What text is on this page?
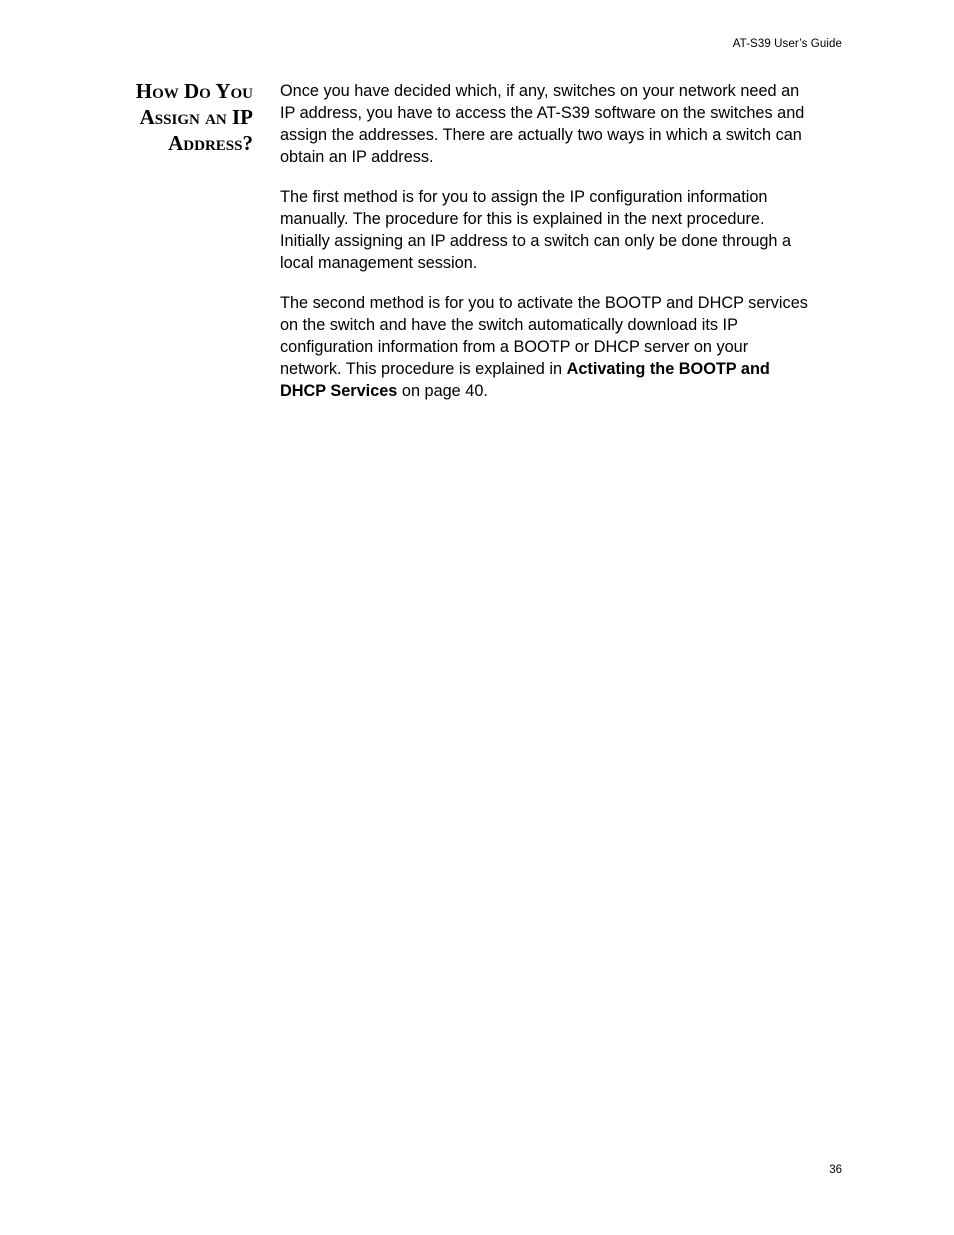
AT-S39 User’s Guide
How Do You
Assign an IP
Address?

Once you have decided which, if any, switches on your network need an
IP address, you have to access the AT-S39 software on the switches and
assign the addresses. There are actually two ways in which a switch can
obtain an IP address.

The first method is for you to assign the IP configuration information
manually. The procedure for this is explained in the next procedure.
Initially assigning an IP address to a switch can only be done through a
local management session.

The second method is for you to activate the BOOTP and DHCP services
on the switch and have the switch automatically download its IP
configuration information from a BOOTP or DHCP server on your
network. This procedure is explained in Activating the BOOTP and
DHCP Services on page 40.

36
